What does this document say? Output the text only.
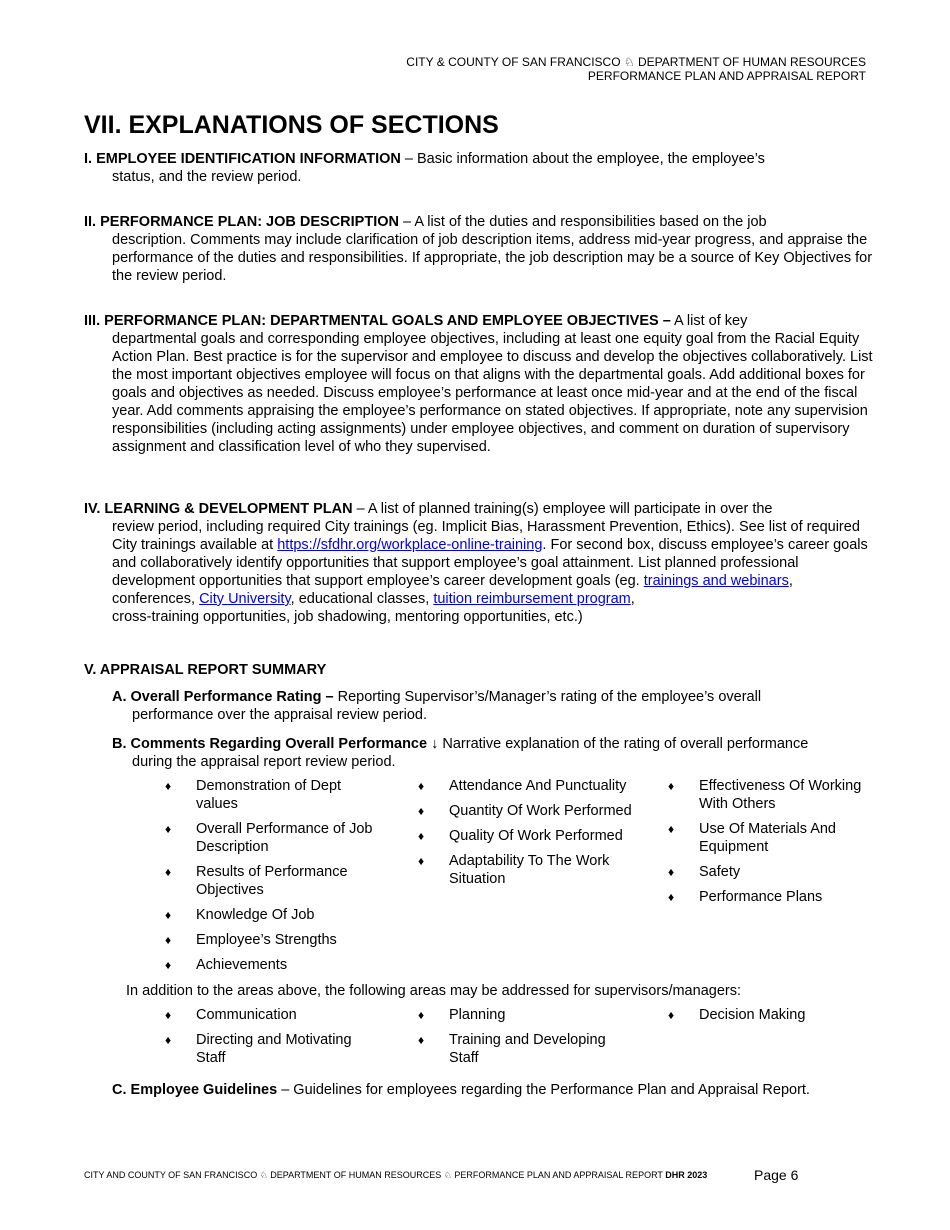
CITY & COUNTY OF SAN FRANCISCO ♘ DEPARTMENT OF HUMAN RESOURCES
PERFORMANCE PLAN AND APPRAISAL REPORT
VII. EXPLANATIONS OF SECTIONS
I. EMPLOYEE IDENTIFICATION INFORMATION – Basic information about the employee, the employee’s
status, and the review period.
II. PERFORMANCE PLAN: JOB DESCRIPTION – A list of the duties and responsibilities based on the job
description. Comments may include clarification of job description items, address mid-year progress, and appraise the performance of the duties and responsibilities. If appropriate, the job description may be a source of Key Objectives for the review period.
III. PERFORMANCE PLAN: DEPARTMENTAL GOALS AND EMPLOYEE OBJECTIVES – A list of key
departmental goals and corresponding employee objectives, including at least one equity goal from the Racial Equity Action Plan. Best practice is for the supervisor and employee to discuss and develop the objectives collaboratively. List the most important objectives employee will focus on that aligns with the departmental goals. Add additional boxes for goals and objectives as needed. Discuss employee’s performance at least once mid-year and at the end of the fiscal year. Add comments appraising the employee’s performance on stated objectives. If appropriate, note any supervision responsibilities (including acting assignments) under employee objectives, and comment on duration of supervisory assignment and classification level of who they supervised.
IV. LEARNING & DEVELOPMENT PLAN – A list of planned training(s) employee will participate in over the
review period, including required City trainings (eg. Implicit Bias, Harassment Prevention, Ethics). See list of required City trainings available at https://sfdhr.org/workplace-online-training. For second box, discuss employee’s career goals and collaboratively identify opportunities that support employee’s goal attainment. List planned professional development opportunities that support employee’s career development goals (eg. trainings and webinars, conferences, City University, educational classes, tuition reimbursement program,
cross-training opportunities, job shadowing, mentoring opportunities, etc.)
V. APPRAISAL REPORT SUMMARY
A. Overall Performance Rating – Reporting Supervisor’s/Manager’s rating of the employee’s overall
performance over the appraisal review period.
B. Comments Regarding Overall Performance ↓ Narrative explanation of the rating of overall performance
during the appraisal report review period.
♦ Demonstration of Dept values
♦ Overall Performance of Job Description
♦ Results of Performance Objectives
♦ Knowledge Of Job
♦ Employee’s Strengths
♦ Achievements
♦ Attendance And Punctuality
♦ Quantity Of Work Performed
♦ Quality Of Work Performed
♦ Adaptability To The Work Situation
♦ Effectiveness Of Working With Others
♦ Use Of Materials And Equipment
♦ Safety
♦ Performance Plans
In addition to the areas above, the following areas may be addressed for supervisors/managers:
♦ Communication
♦ Directing and Motivating Staff
♦ Planning
♦ Training and Developing Staff
♦ Decision Making
C. Employee Guidelines – Guidelines for employees regarding the Performance Plan and Appraisal Report.
CITY AND COUNTY OF SAN FRANCISCO ♘ DEPARTMENT OF HUMAN RESOURCES ♘ PERFORMANCE PLAN AND APPRAISAL REPORT DHR 2023	Page 6
